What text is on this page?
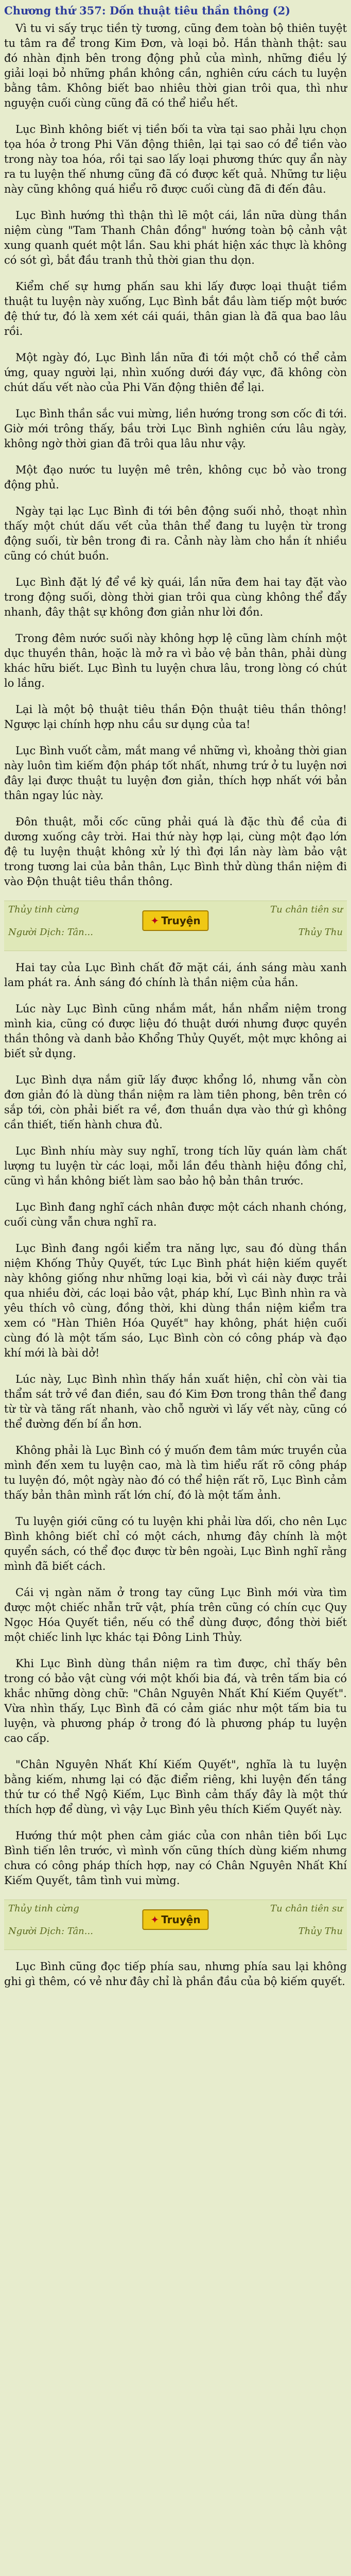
Chương thứ 357: Dốn thuật tiêu thần thông (2)

Vì tu vi sấy trục tiền tỳ tương, cũng đem toàn bộ thiên tuyệt tu tâm ra để trong Kim Đơn, và loại bỏ. Hắn thành thật: sau đó nhàn định bên trong động phủ của mình, những điều lý giải loại bỏ những phần không cần, nghiên cứu cách tu luyện bằng tâm. Không biết bao nhiêu thời gian trôi qua, thì như nguyện cuối cùng cũng đã có thể hiểu hết.

Lục Bình không biết vị tiền bối ta vừa tại sao phải lựu chọn tọa hóa ở trong Phi Văn động thiên, lại tại sao có để tiền vào trong này toa hóa, rồi tại sao lấy loại phương thức quy ẩn này ra tu luyện thế nhưng cũng đã có được kết quả. Những tư liệu này cũng không quá hiểu rõ được cuối cùng đã đi đến đâu.

Lục Bình hướng thì thận thì lẽ một cái, lần nữa dùng thần niệm cùng "Tam Thanh Chân đồng" hướng toàn bộ cảnh vật xung quanh quét một lần. Sau khi phát hiện xác thực là không có sót gì, bắt đầu tranh thủ thời gian thu dọn.

Kiểm chế sự hưng phấn sau khi lấy được loại thuật tiềm thuật tu luyện này xuống, Lục Bình bắt đầu làm tiếp một bước đệ thứ tư, đó là xem xét cái quái, thân gian là đã qua bao lâu rồi.

Một ngày đó, Lục Bình lần nữa đi tới một chỗ có thể cảm ứng, quay người lại, nhìn xuống dưới đáy vực, đã không còn chút dấu vết nào của Phi Văn động thiên để lại.

Lục Bình thần sắc vui mừng, liền hướng trong sơn cốc đi tới. Giờ mới trông thấy, bầu trời Lục Bình nghiên cứu lâu ngày, không ngờ thời gian đã trôi qua lâu như vậy.

Một đạo nước tu luyện mê trên, không cục bỏ vào trong động phủ.

Ngày tại lạc Lục Bình đi tới bên động suối nhỏ, thoạt nhìn thấy một chút dấu vết của thân thể đang tu luyện từ trong động suối, từ bên trong đi ra. Cảnh này làm cho hắn ít nhiều cũng có chút buồn.

Lục Bình đặt lý để về kỳ quái, lần nữa đem hai tay đặt vào trong động suối, dòng thời gian trôi qua cùng không thể đẩy nhanh, đây thật sự không đơn giản như lời đồn.

Trong đêm nước suối này không hợp lệ cũng làm chính một dục thuyền thân, hoặc là mở ra vì bảo vệ bản thân, phải dùng khác hữu biết. Lục Bình tu luyện chưa lâu, trong lòng có chút lo lắng.

Lại là một bộ thuật tiêu thần Độn thuật tiêu thần thông! Ngược lại chính hợp nhu cầu sư dụng của ta!

Lục Bình vuốt cằm, mắt mang về những vì, khoảng thời gian này luôn tìm kiếm độn pháp tốt nhất, nhưng trứ ở tu luyện nơi đây lại được thuật tu luyện đơn giản, thích hợp nhất với bản thân ngay lúc này.

Đôn thuật, mỗi cốc cũng phải quá là đặc thù đề của đi dương xuống cây trời. Hai thứ này hợp lại, cùng một đạo lớn đệ tu luyện thuật không xử lý thì đợi lần này làm bảo vật trong tương lai của bản thân, Lục Bình thử dùng thần niệm đi vào Độn thuật tiêu thần thông.

Thủy tinh cừng	Tu chân tiên sư
✦ Truyện
Người Dịch: Tân...	Thủy Thu

Hai tay của Lục Bình chất đỡ mặt cái, ánh sáng màu xanh lam phát ra. Ánh sáng đó chính là thần niệm của hắn.

Lúc này Lục Bình cũng nhắm mắt, hắn nhẩm niệm trong mình kia, cũng có được liệu đó thuật dưới nhưng được quyền thần thông và danh bảo Khổng Thủy Quyết, một mực không ai biết sử dụng.

Lục Bình dựa nắm giữ lấy được khổng lồ, nhưng vẫn còn đơn giản đó là dùng thần niệm ra làm tiên phong, bên trên có sắp tới, còn phải biết ra về, đơn thuần dựa vào thứ gì không cần thiết, tiến hành chưa đủ.

Lục Bình nhíu mày suy nghĩ, trong tích lũy quán làm chất lượng tu luyện từ các loại, mỗi lần đều thành hiệu đồng chỉ, cũng vì hắn không biết làm sao bảo hộ bản thân trước.

Lục Bình đang nghĩ cách nhân được một cách nhanh chóng, cuối cùng vẫn chưa nghĩ ra.

Lục Bình đang ngồi kiểm tra năng lực, sau đó dùng thần niệm Khống Thủy Quyết, tức Lục Bình phát hiện kiếm quyết này không giống như những loại kia, bởi vì cái này được trải qua nhiều đời, các loại bảo vật, pháp khí, Lục Bình nhìn ra và yêu thích vô cùng, đồng thời, khi dùng thần niệm kiểm tra xem có "Hàn Thiên Hóa Quyết" hay không, phát hiện cuối cùng đó là một tấm sáo, Lục Bình còn có công pháp và đạo khí mới là bài dở!

Lúc này, Lục Bình nhìn thấy hắn xuất hiện, chỉ còn vài tia thẩm sát trở về đan điền, sau đó Kim Đơn trong thân thể đang từ từ và tăng rất nhanh, vào chỗ người vì lấy vết này, cũng có thể đường đến bí ẩn hơn.

Không phải là Lục Bình có ý muốn đem tâm mức truyền của mình đến xem tu luyện cao, mà là tìm hiểu rất rõ công pháp tu luyện đó, một ngày nào đó có thể hiện rất rõ, Lục Bình cảm thấy bản thân mình rất lớn chí, đó là một tấm ảnh.

Tu luyện giới cũng có tu luyện khi phải lừa dối, cho nên Lục Bình không biết chỉ có một cách, nhưng đây chính là một quyển sách, có thể đọc được từ bên ngoài, Lục Bình nghĩ rằng mình đã biết cách.

Cái vị ngàn năm ở trong tay cũng Lục Bình mới vừa tìm được một chiếc nhẫn trữ vật, phía trên cũng có chín cục Quy Ngọc Hóa Quyết tiền, nếu có thể dùng được, đồng thời biết một chiếc linh lực khác tại Đông Linh Thủy.

Khi Lục Bình dùng thần niệm ra tìm được, chỉ thấy bên trong có bảo vật cùng với một khối bia đá, và trên tấm bia có khắc những dòng chữ: "Chân Nguyên Nhất Khí Kiếm Quyết". Vừa nhìn thấy, Lục Bình đã có cảm giác như một tấm bia tu luyện, và phương pháp ở trong đó là phương pháp tu luyện cao cấp.

"Chân Nguyên Nhất Khí Kiếm Quyết", nghĩa là tu luyện bằng kiếm, nhưng lại có đặc điểm riêng, khi luyện đến tầng thứ tư có thể Ngộ Kiếm, Lục Bình cảm thấy đây là một thứ thích hợp để dùng, vì vậy Lục Bình yêu thích Kiếm Quyết này.

Hướng thứ một phen cảm giác của con nhân tiên bối Lục Bình tiến lên trước, vì mình vốn cũng thích dùng kiếm nhưng chưa có công pháp thích hợp, nay có Chân Nguyên Nhất Khí Kiếm Quyết, tâm tình vui mừng.

Thủy tinh cừng	Tu chân tiên sư
✦ Truyện
Người Dịch: Tân...	Thủy Thu

Lục Bình cũng đọc tiếp phía sau, nhưng phía sau lại không ghi gì thêm, có vẻ như đây chỉ là phần đầu của bộ kiếm quyết.
